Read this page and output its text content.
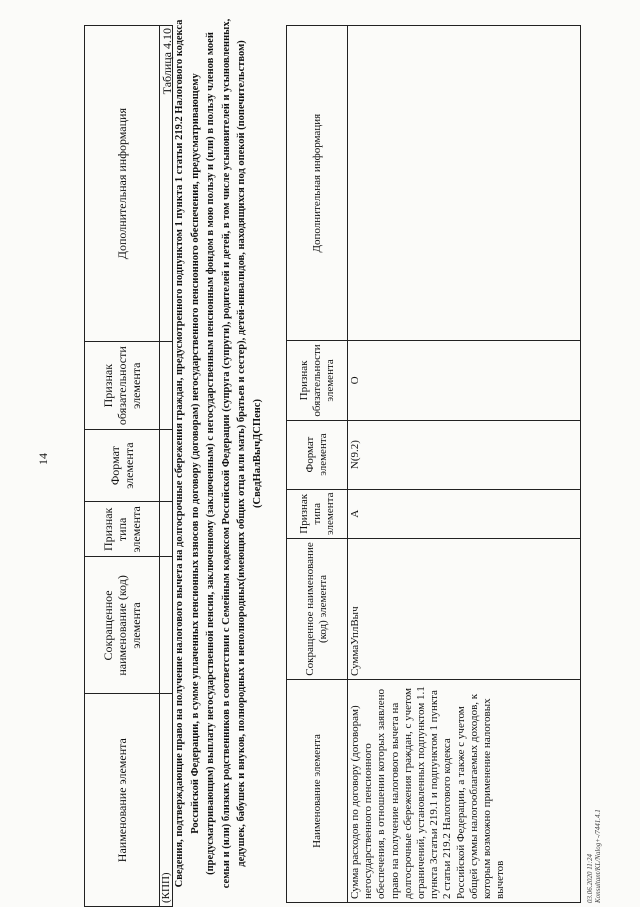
14
Наименование элемента	Сокращенное наименование (код) элемента	Признак типа элемента	Формат элемента	Признак обязательности элемента	Дополнительная информация
(КПП)					
Таблица 4.10 Сведения, подтверждающие право на получение налогового вычета на долгосрочные сбережения граждан, предусмотренного подпунктом 1 пункта 1 статьи 219.2 Налогового кодекса Российской Федерации, в сумме уплаченных пенсионных взносов по договору (договорам) негосударственного пенсионного обеспечения, предусматривающему (предусматривающим) выплату негосударственной пенсии, заключенному (заключенным) с негосударственным пенсионным фондом в мою пользу и (или) в пользу членов моей семьи и (или) близких родственников в соответствии с Семейным кодексом Российской Федерации (супруга (супруги), родителей и детей, в том числе усыновителей и усыновленных, дедушек, бабушек и внуков, полнородных и неполнородных(имеющих общих отца или мать) братьев и сестер), детей-инвалидов, находящихся под опекой (попечительством) (СведНалВычДСПенс)
Наименование элемента	Сокращенное наименование (код) элемента	Признак типа элемента	Формат элемента	Признак обязательности элемента	Дополнительная информация
Сумма расходов по договору (договорам) негосударственного пенсионного обеспечения, в отношении которых заявлено право на получение налогового вычета на долгосрочные сбережения граждан, с учетом ограничений, установленных подпунктом 1.1 пункта 3статьи 219.1 и подпунктом 1 пункта 2 статьи 219.2 Налогового кодекса Российской Федерации, а также с учетом общей суммы налогооблагаемых доходов, к которым возможно применение налоговых вычетов	СуммаУплВыч	А	N(9.2)	О	
03.06.2020 11:24 Konsultant/KL/Nalog+-/7441.4.1
